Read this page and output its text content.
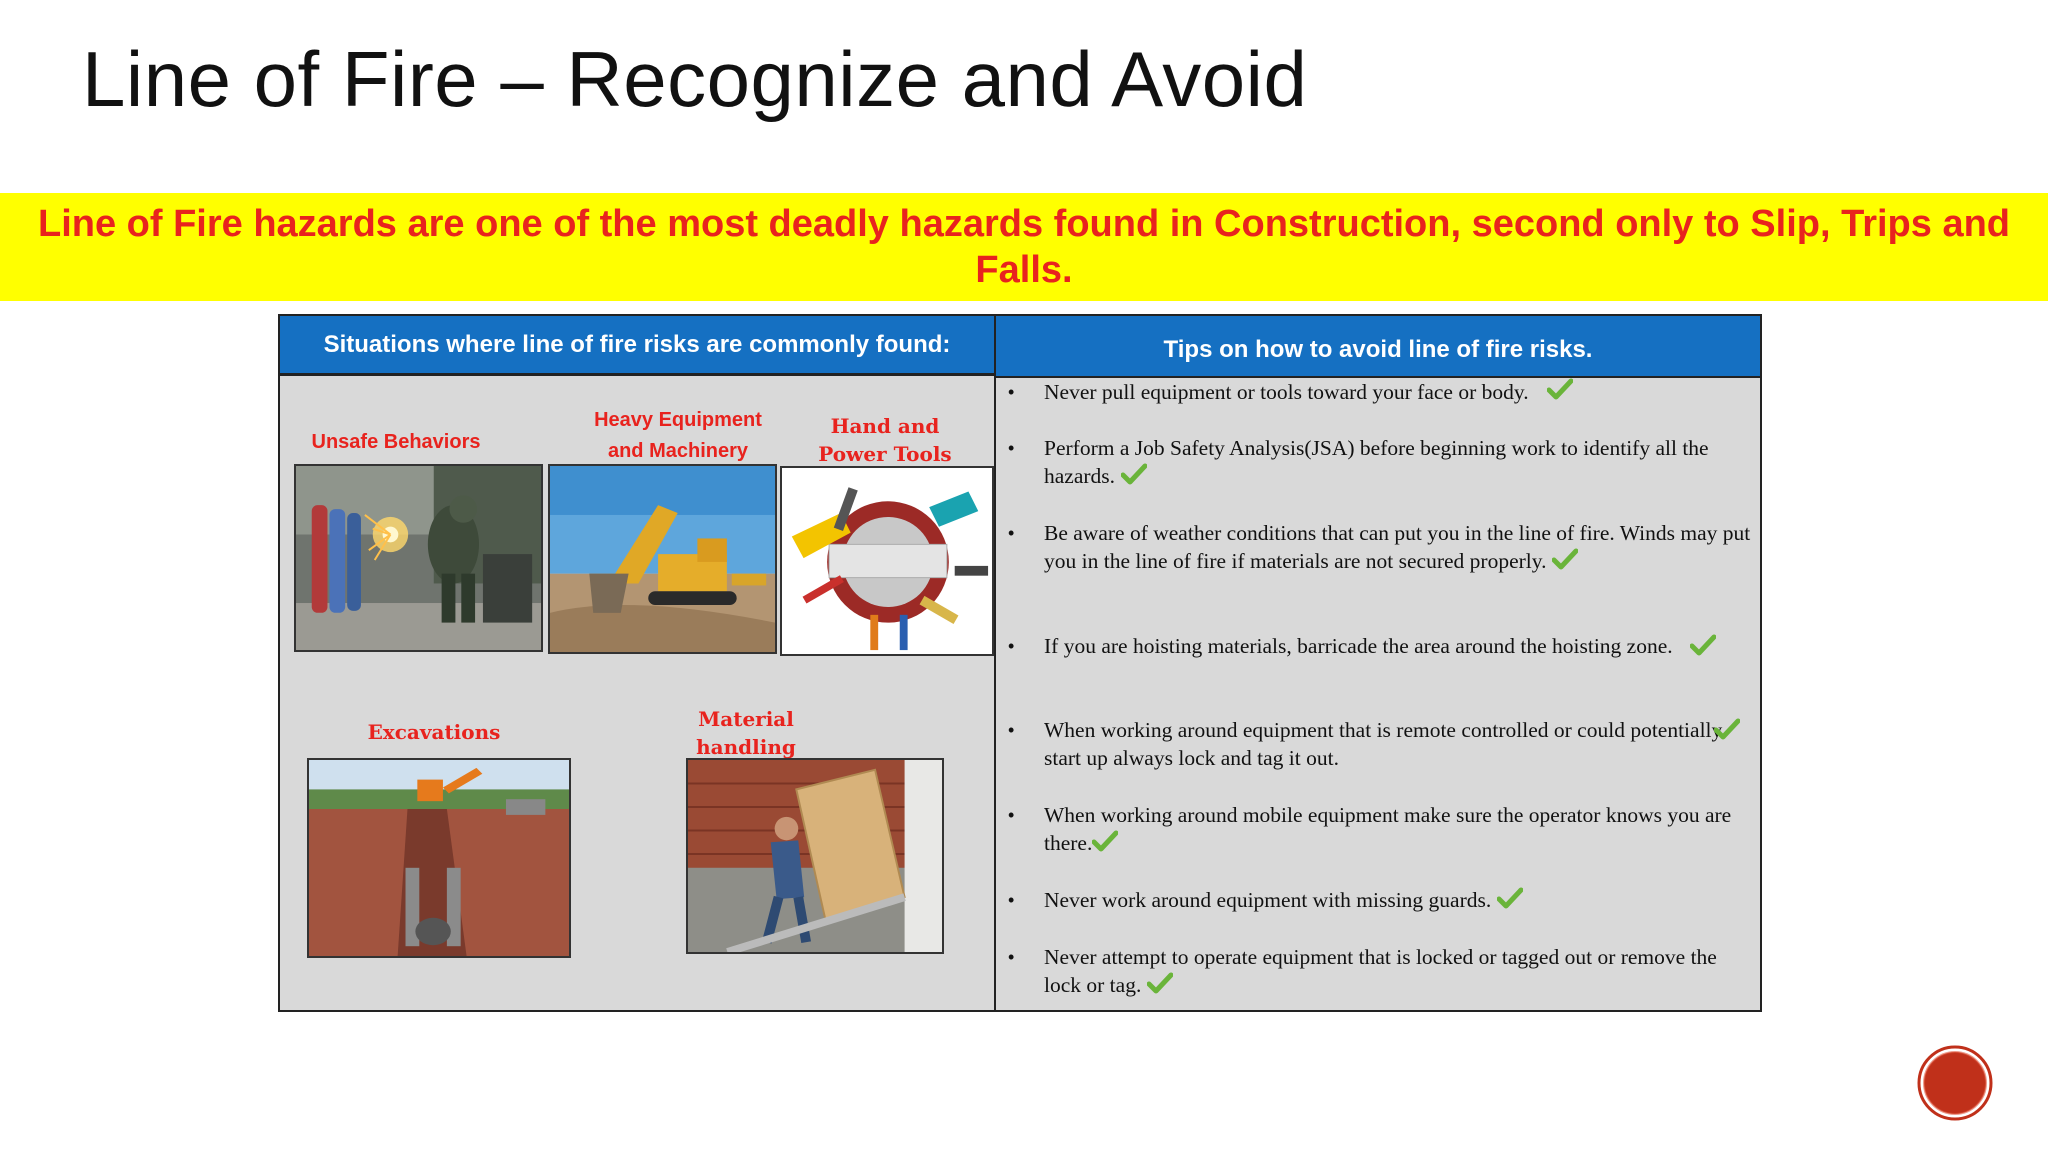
Line of Fire – Recognize and Avoid
Line of Fire hazards are one of the most deadly hazards found in Construction, second only to Slip, Trips and Falls.
Situations where line of fire risks are commonly found:
Unsafe Behaviors
Heavy Equipment
and Machinery
Hand and
Power Tools
Excavations
Material
handling
Tips on how to avoid line of fire risks.
• Never pull equipment or tools toward your face or body.
• Perform a Job Safety Analysis(JSA) before beginning work to identify all the hazards.
• Be aware of weather conditions that can put you in the line of fire. Winds may put you in the line of fire if materials are not secured properly.
• If you are hoisting materials, barricade the area around the hoisting zone.
• When working around equipment that is remote controlled or could potentially start up always lock and tag it out.
• When working around mobile equipment make sure the operator knows you are there.
• Never work around equipment with missing guards.
• Never attempt to operate equipment that is locked or tagged out or remove the lock or tag.
